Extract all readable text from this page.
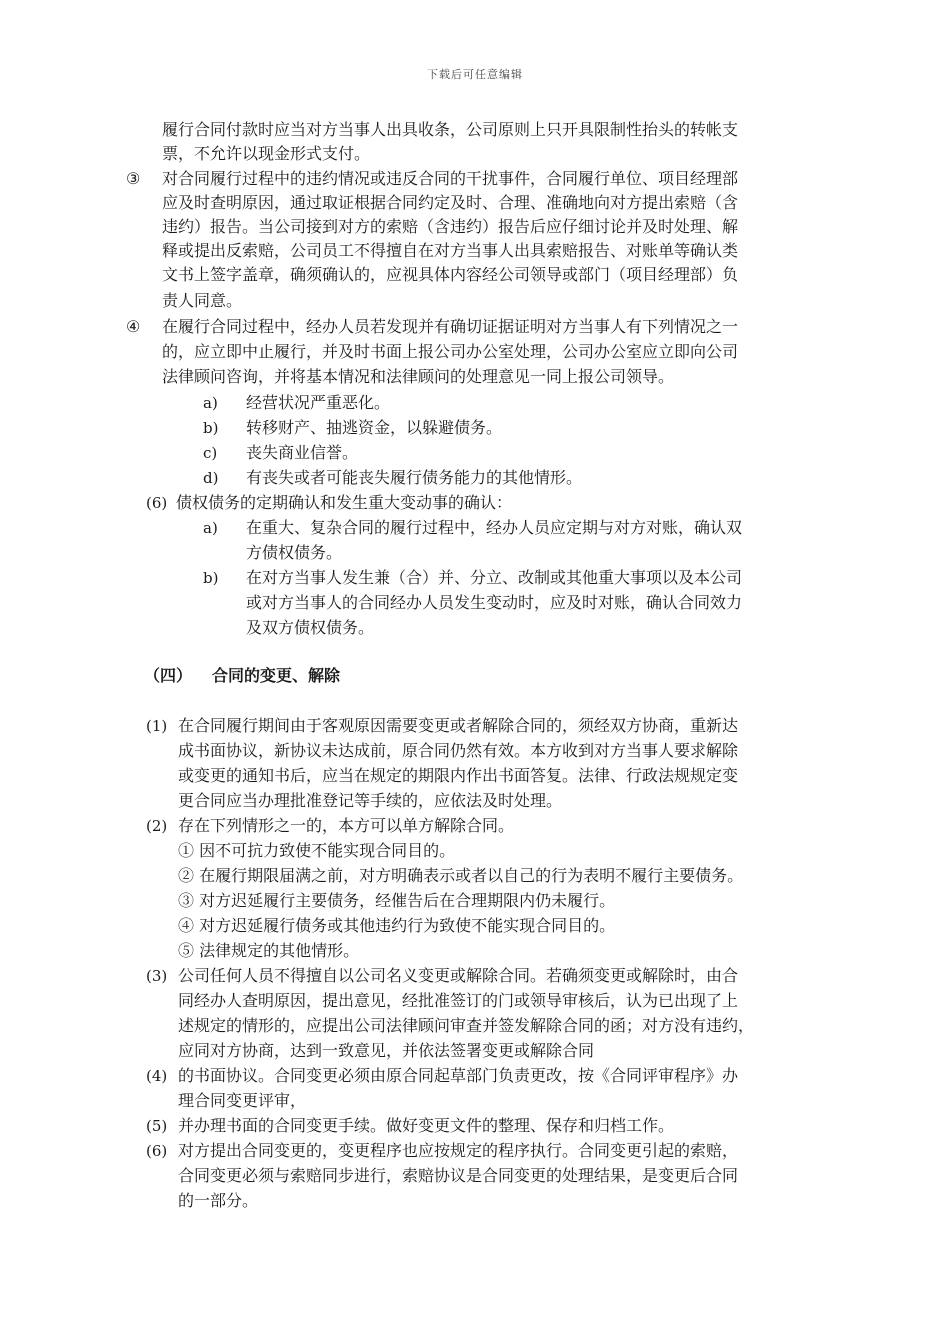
下载后可任意编辑
履行合同付款时应当对方当事人出具收条，公司原则上只开具限制性抬头的转帐支
票，不允许以现金形式支付。
③ 对合同履行过程中的违约情况或违反合同的干扰事件，合同履行单位、项目经理部
应及时查明原因，通过取证根据合同约定及时、合理、准确地向对方提出索赔（含
违约）报告。当公司接到对方的索赔（含违约）报告后应仔细讨论并及时处理、解
释或提出反索赔，公司员工不得擅自在对方当事人出具索赔报告、对账单等确认类
文书上签字盖章，确须确认的，应视具体内容经公司领导或部门（项目经理部）负
责人同意。
④ 在履行合同过程中，经办人员若发现并有确切证据证明对方当事人有下列情况之一
的，应立即中止履行，并及时书面上报公司办公室处理，公司办公室应立即向公司
法律顾问咨询，并将基本情况和法律顾问的处理意见一同上报公司领导。
a) 经营状况严重恶化。
b) 转移财产、抽逃资金，以躲避债务。
c) 丧失商业信誉。
d) 有丧失或者可能丧失履行债务能力的其他情形。
(6) 债权债务的定期确认和发生重大变动事的确认：
a) 在重大、复杂合同的履行过程中，经办人员应定期与对方对账，确认双
方债权债务。
b) 在对方当事人发生兼（合）并、分立、改制或其他重大事项以及本公司
或对方当事人的合同经办人员发生变动时，应及时对账，确认合同效力
及双方债权债务。
（四） 合同的变更、解除
(1) 在合同履行期间由于客观原因需要变更或者解除合同的，须经双方协商，重新达
成书面协议，新协议未达成前，原合同仍然有效。本方收到对方当事人要求解除
或变更的通知书后，应当在规定的期限内作出书面答复。法律、行政法规规定变
更合同应当办理批准登记等手续的，应依法及时处理。
(2) 存在下列情形之一的，本方可以单方解除合同。
① 因不可抗力致使不能实现合同目的。
② 在履行期限届满之前，对方明确表示或者以自己的行为表明不履行主要债务。
③ 对方迟延履行主要债务，经催告后在合理期限内仍未履行。
④ 对方迟延履行债务或其他违约行为致使不能实现合同目的。
⑤ 法律规定的其他情形。
(3) 公司任何人员不得擅自以公司名义变更或解除合同。若确须变更或解除时，由合
同经办人查明原因，提出意见，经批准签订的门或领导审核后，认为已出现了上
述规定的情形的，应提出公司法律顾问审查并签发解除合同的函；对方没有违约，
应同对方协商，达到一致意见，并依法签署变更或解除合同
(4) 的书面协议。合同变更必须由原合同起草部门负责更改，按《合同评审程序》办
理合同变更评审，
(5) 并办理书面的合同变更手续。做好变更文件的整理、保存和归档工作。
(6) 对方提出合同变更的，变更程序也应按规定的程序执行。合同变更引起的索赔，
合同变更必须与索赔同步进行，索赔协议是合同变更的处理结果，是变更后合同
的一部分。
